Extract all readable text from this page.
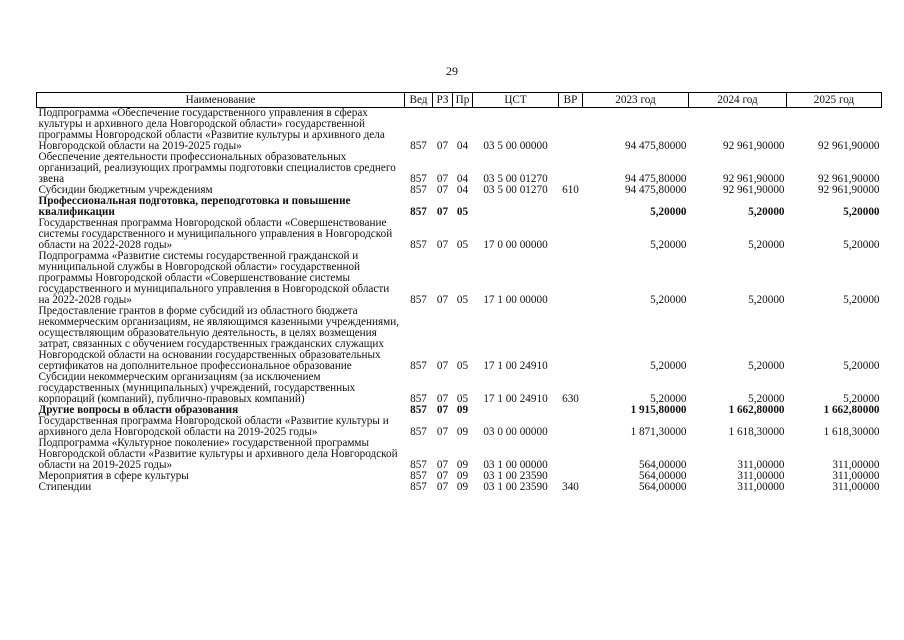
29
Наименование	Вед	РЗ	Пр	ЦСТ	ВР	2023 год	2024 год	2025 год
Подпрограмма «Обеспечение государственного управления в сферах культуры и архивного дела Новгородской области» государственной программы Новгородской области «Развитие культуры и архивного дела Новгородской области на 2019-2025 годы»	857	07	04	03 5 00 00000		94 475,80000	92 961,90000	92 961,90000
Обеспечение деятельности профессиональных образовательных организаций, реализующих программы подготовки специалистов среднего звена	857	07	04	03 5 00 01270		94 475,80000	92 961,90000	92 961,90000
Субсидии бюджетным учреждениям	857	07	04	03 5 00 01270	610	94 475,80000	92 961,90000	92 961,90000
Профессиональная подготовка, переподготовка и повышение квалификации	857	07	05			5,20000	5,20000	5,20000
Государственная программа Новгородской области «Совершенствование системы государственного и муниципального управления в Новгородской области на 2022-2028 годы»	857	07	05	17 0 00 00000		5,20000	5,20000	5,20000
Подпрограмма «Развитие системы государственной гражданской и муниципальной службы в Новгородской области» государственной программы Новгородской области «Совершенствование системы государственного и муниципального управления в Новгородской области на 2022-2028 годы»	857	07	05	17 1 00 00000		5,20000	5,20000	5,20000
Предоставление грантов в форме субсидий из областного бюджета некоммерческим организациям, не являющимся казенными учреждениями, осуществляющим образовательную деятельность, в целях возмещения затрат, связанных с обучением государственных гражданских служащих Новгородской области на основании государственных образовательных сертификатов на дополнительное профессиональное образование	857	07	05	17 1 00 24910		5,20000	5,20000	5,20000
Субсидии некоммерческим организациям (за исключением государственных (муниципальных) учреждений, государственных корпораций (компаний), публично-правовых компаний)	857	07	05	17 1 00 24910	630	5,20000	5,20000	5,20000
Другие вопросы в области образования	857	07	09			1 915,80000	1 662,80000	1 662,80000
Государственная программа Новгородской области «Развитие культуры и архивного дела Новгородской области на 2019-2025 годы»	857	07	09	03 0 00 00000		1 871,30000	1 618,30000	1 618,30000
Подпрограмма «Культурное поколение» государственной программы Новгородской области «Развитие культуры и архивного дела Новгородской области на 2019-2025 годы»	857	07	09	03 1 00 00000		564,00000	311,00000	311,00000
Мероприятия в сфере культуры	857	07	09	03 1 00 23590		564,00000	311,00000	311,00000
Стипендии	857	07	09	03 1 00 23590	340	564,00000	311,00000	311,00000
